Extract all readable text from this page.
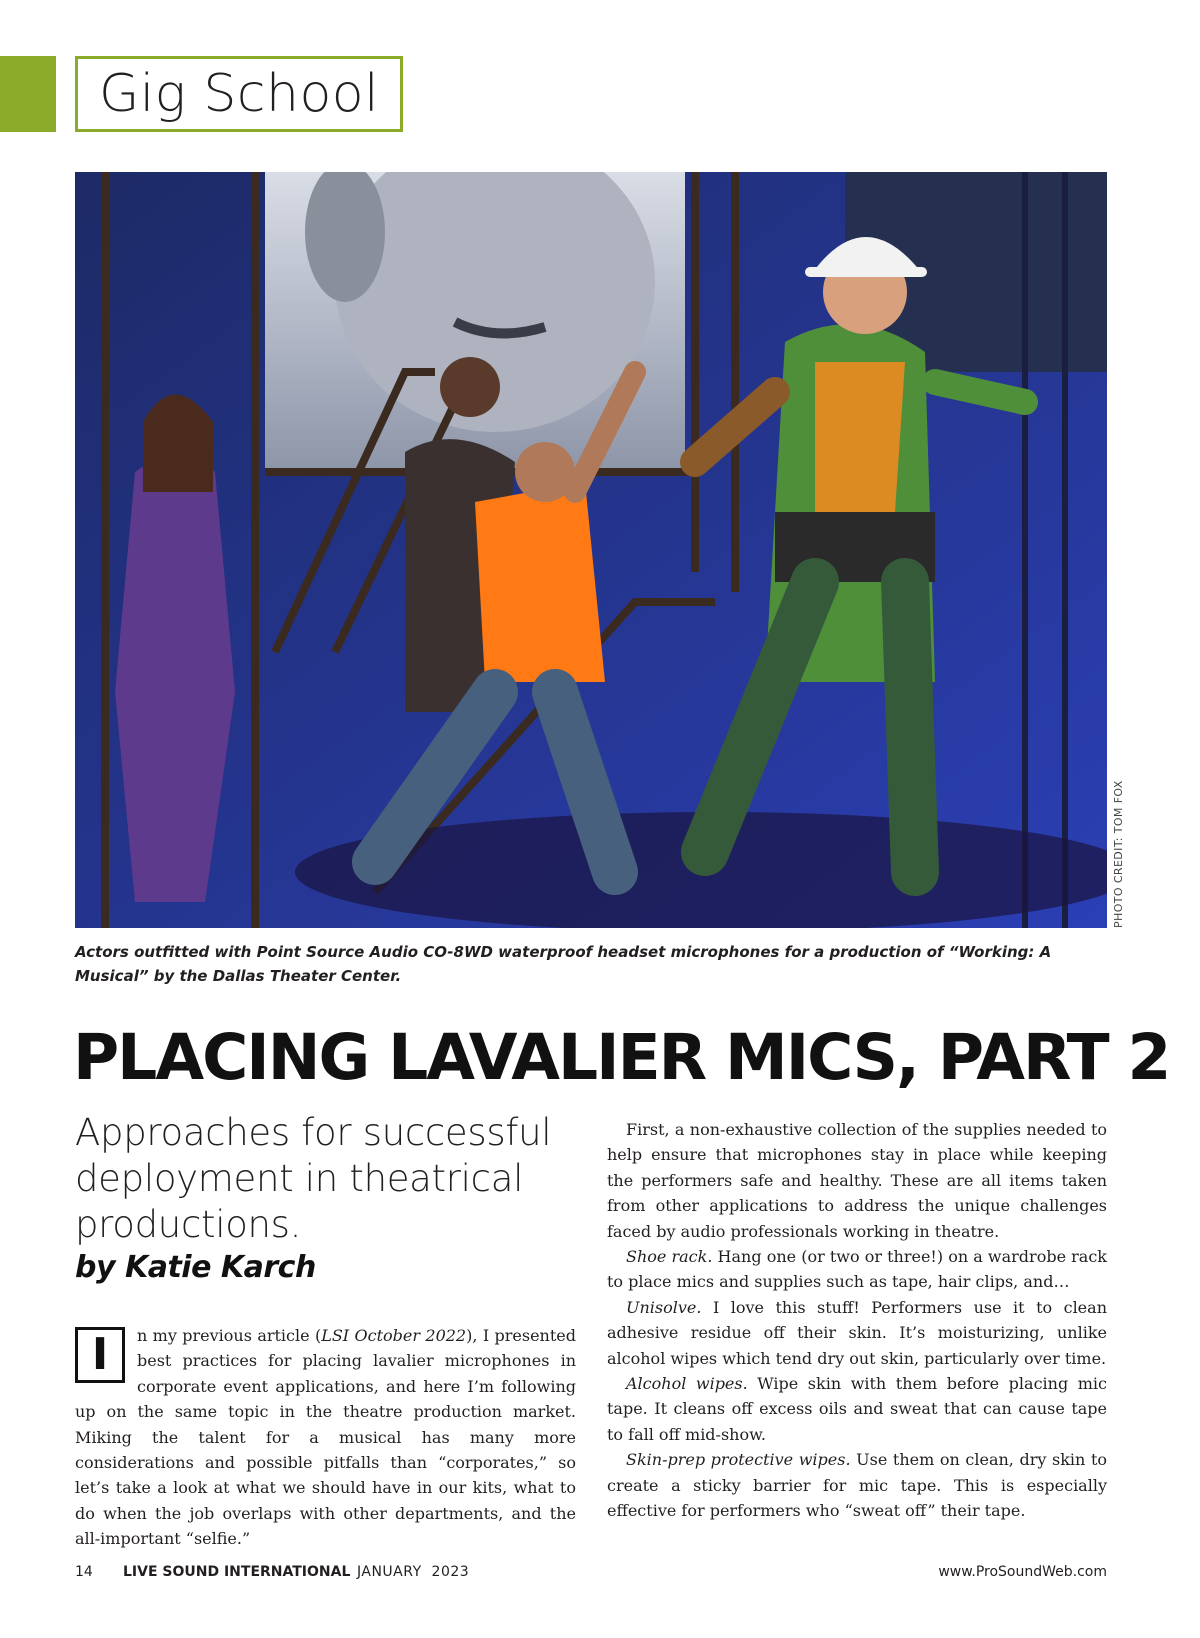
Gig School
PHOTO CREDIT: TOM FOX
Actors outfitted with Point Source Audio CO-8WD waterproof headset microphones for a production of “Working: A Musical” by the Dallas Theater Center.
PLACING LAVALIER MICS, PART 2
Approaches for successful deployment in theatrical productions.
by Katie Karch

I	n my previous article (LSI October 2022), I presented best practices for placing lavalier microphones in corporate event applications, and here I’m following up on the same topic in the theatre production market. Miking the talent for a musical has many more considerations and possible pitfalls than “corporates,” so let’s take a look at what we should have in our kits, what to do when the job overlaps with other departments, and the all-important “selfie.”

First, a non-exhaustive collection of the supplies needed to help ensure that microphones stay in place while keeping the performers safe and healthy. These are all items taken from other applications to address the unique challenges faced by audio professionals working in theatre.

Shoe rack. Hang one (or two or three!) on a wardrobe rack to place mics and supplies such as tape, hair clips, and…

Unisolve. I love this stuff! Performers use it to clean adhesive residue off their skin. It’s moisturizing, unlike alcohol wipes which tend dry out skin, particularly over time.

Alcohol wipes. Wipe skin with them before placing mic tape. It cleans off excess oils and sweat that can cause tape to fall off mid-show.

Skin-prep protective wipes. Use them on clean, dry skin to create a sticky barrier for mic tape. This is especially effective for performers who “sweat off” their tape.

14 LIVE SOUND INTERNATIONAL JANUARY  2023	www.ProSoundWeb.com
